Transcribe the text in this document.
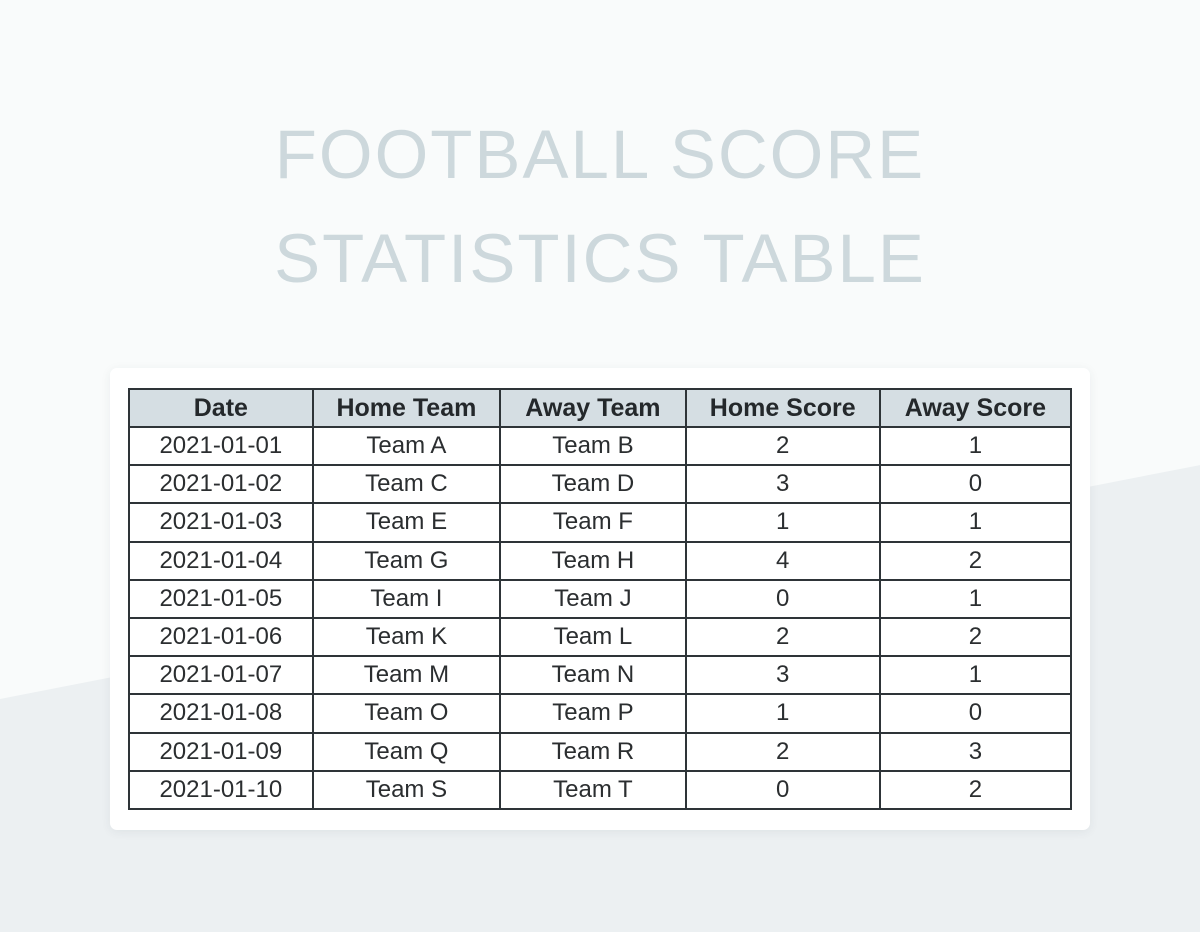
FOOTBALL SCORE
STATISTICS TABLE
Date	Home Team	Away Team	Home Score	Away Score
2021-01-01	Team A	Team B	2	1
2021-01-02	Team C	Team D	3	0
2021-01-03	Team E	Team F	1	1
2021-01-04	Team G	Team H	4	2
2021-01-05	Team I	Team J	0	1
2021-01-06	Team K	Team L	2	2
2021-01-07	Team M	Team N	3	1
2021-01-08	Team O	Team P	1	0
2021-01-09	Team Q	Team R	2	3
2021-01-10	Team S	Team T	0	2
